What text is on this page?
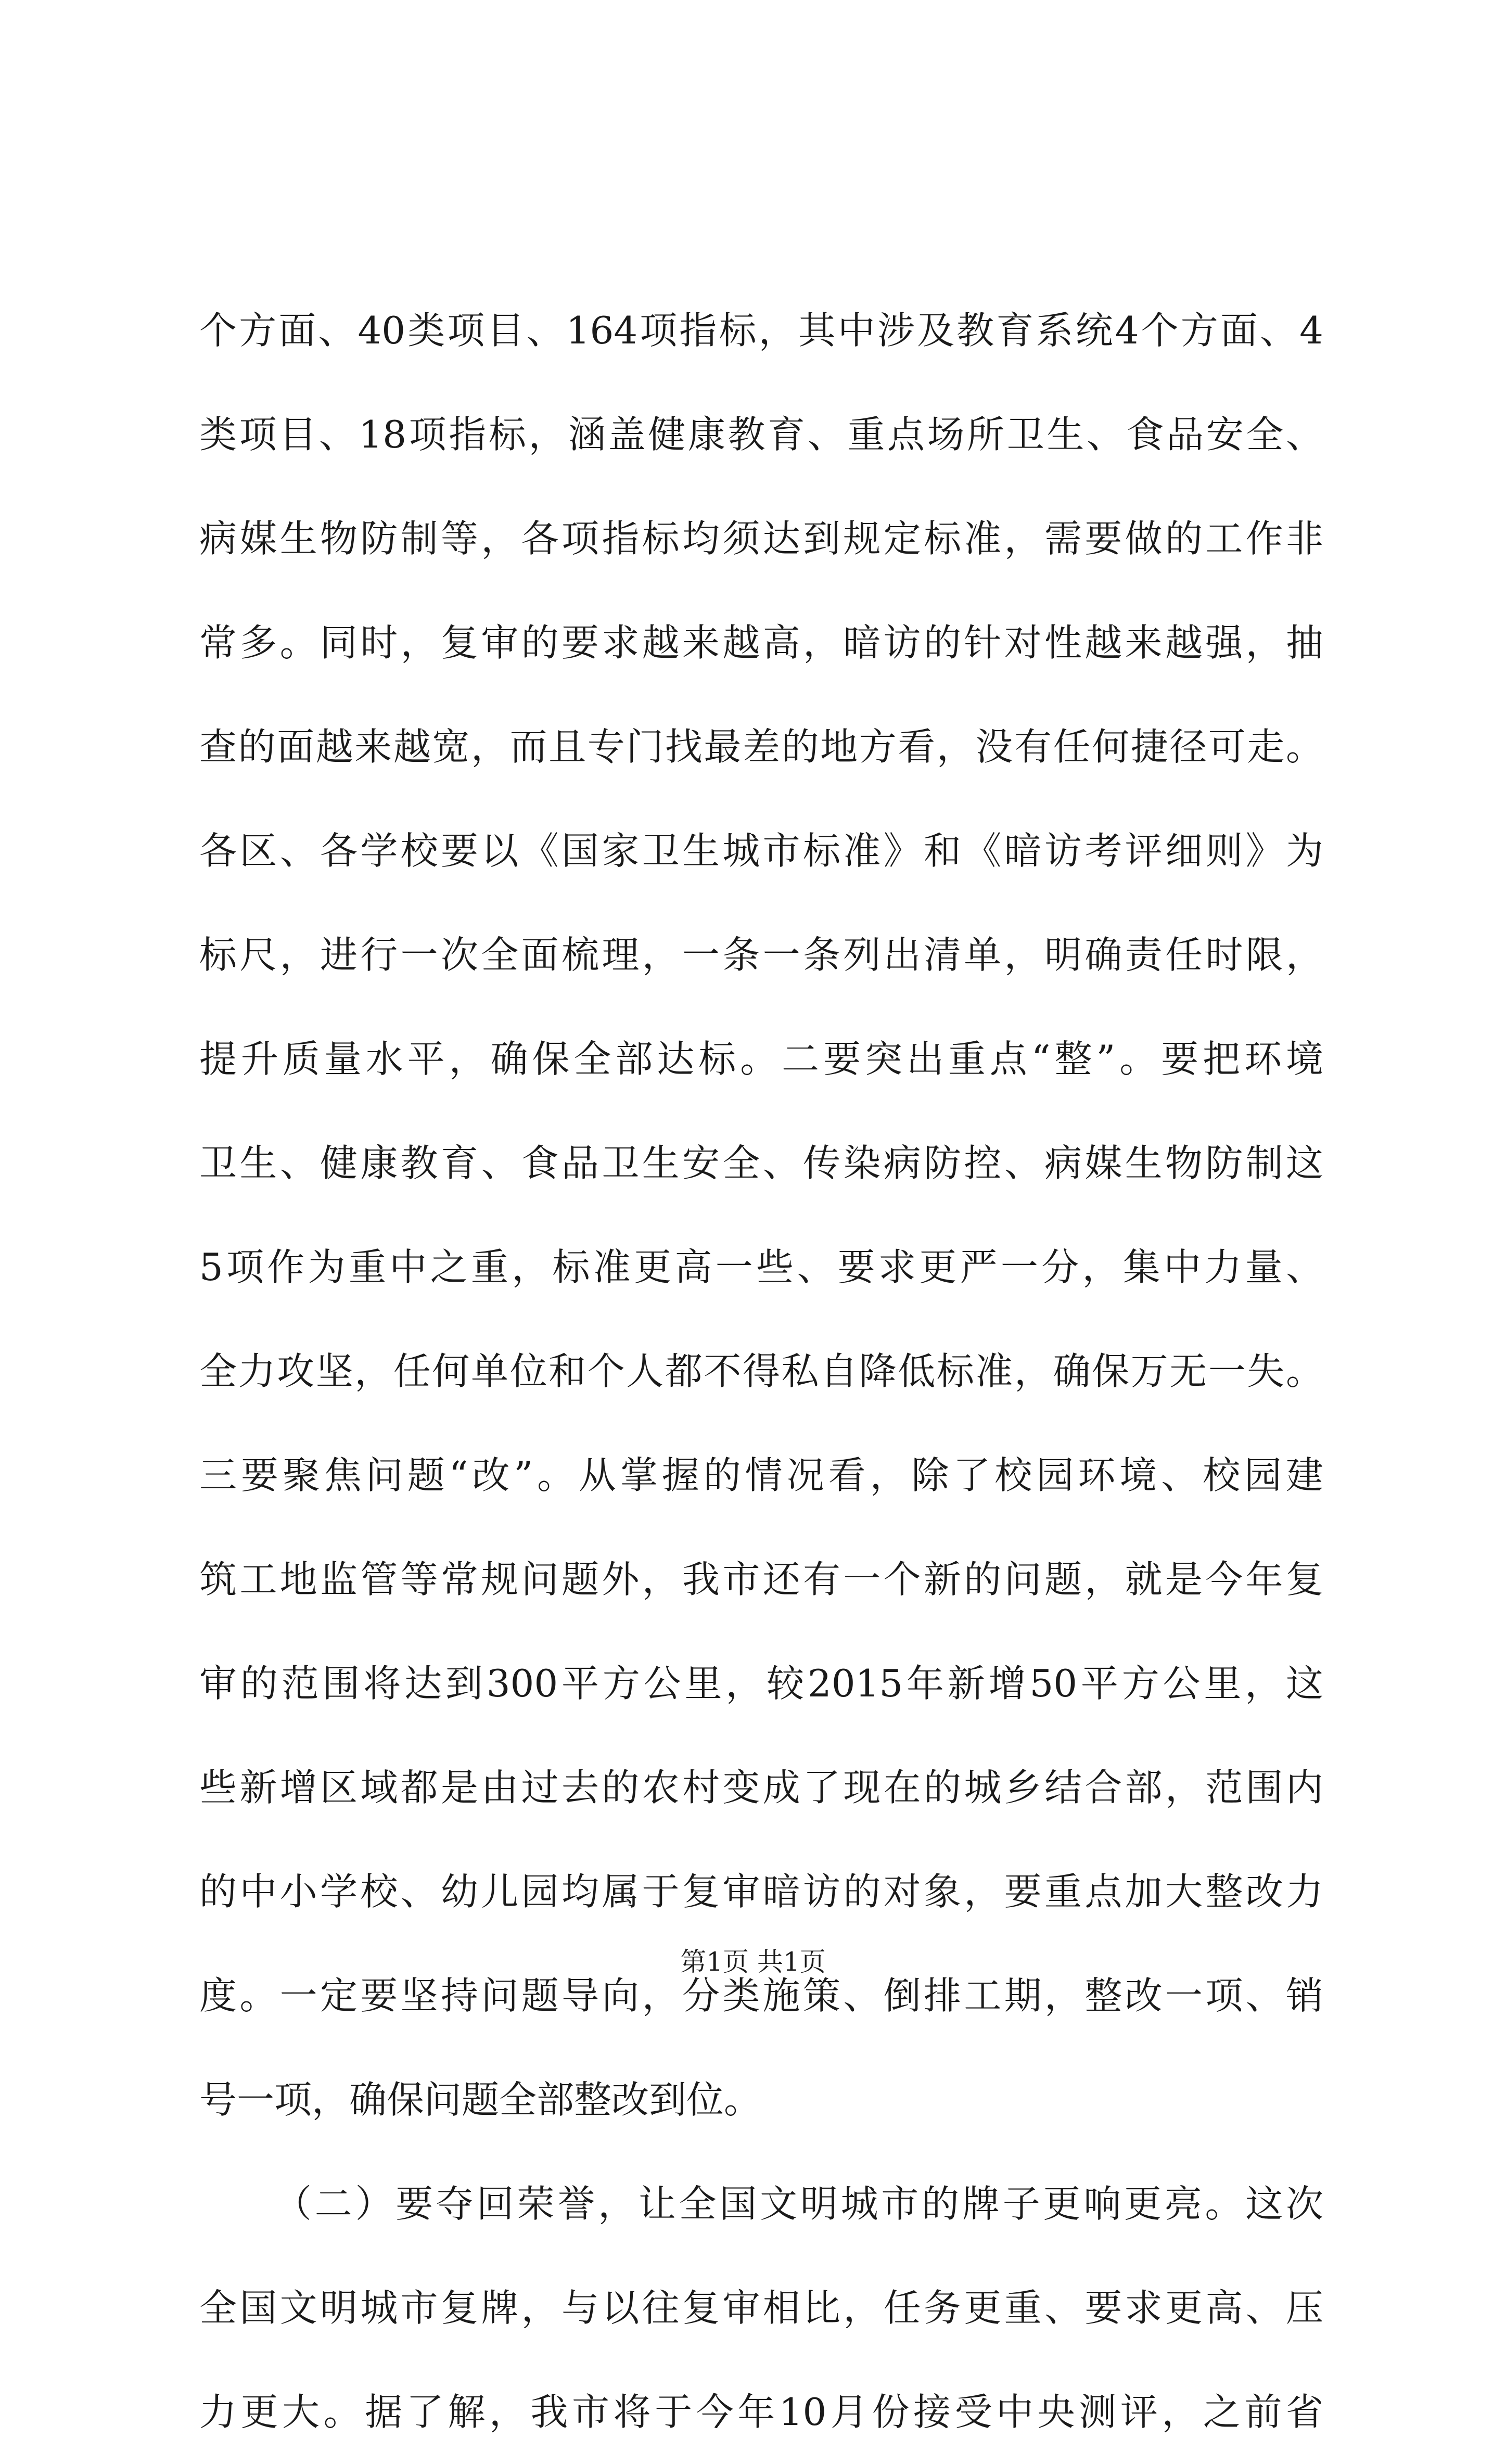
个方面、40类项目、164项指标，其中涉及教育系统4个方面、4
类项目、18项指标，涵盖健康教育、重点场所卫生、食品安全、
病媒生物防制等，各项指标均须达到规定标准，需要做的工作非
常多。同时，复审的要求越来越高，暗访的针对性越来越强，抽
查的面越来越宽，而且专门找最差的地方看，没有任何捷径可走。
各区、各学校要以《国家卫生城市标准》和《暗访考评细则》为
标尺，进行一次全面梳理，一条一条列出清单，明确责任时限，
提升质量水平，确保全部达标。二要突出重点“整”。要把环境
卫生、健康教育、食品卫生安全、传染病防控、病媒生物防制这
5项作为重中之重，标准更高一些、要求更严一分，集中力量、
全力攻坚，任何单位和个人都不得私自降低标准，确保万无一失。
三要聚焦问题“改”。从掌握的情况看，除了校园环境、校园建
筑工地监管等常规问题外，我市还有一个新的问题，就是今年复
审的范围将达到300平方公里，较2015年新增50平方公里，这
些新增区域都是由过去的农村变成了现在的城乡结合部，范围内
的中小学校、幼儿园均属于复审暗访的对象，要重点加大整改力
度。一定要坚持问题导向，分类施策、倒排工期，整改一项、销
号一项，确保问题全部整改到位。
（二）要夺回荣誉，让全国文明城市的牌子更响更亮。这次
全国文明城市复牌，与以往复审相比，任务更重、要求更高、压
力更大。据了解，我市将于今年10月份接受中央测评，之前省
第1页 共1页
